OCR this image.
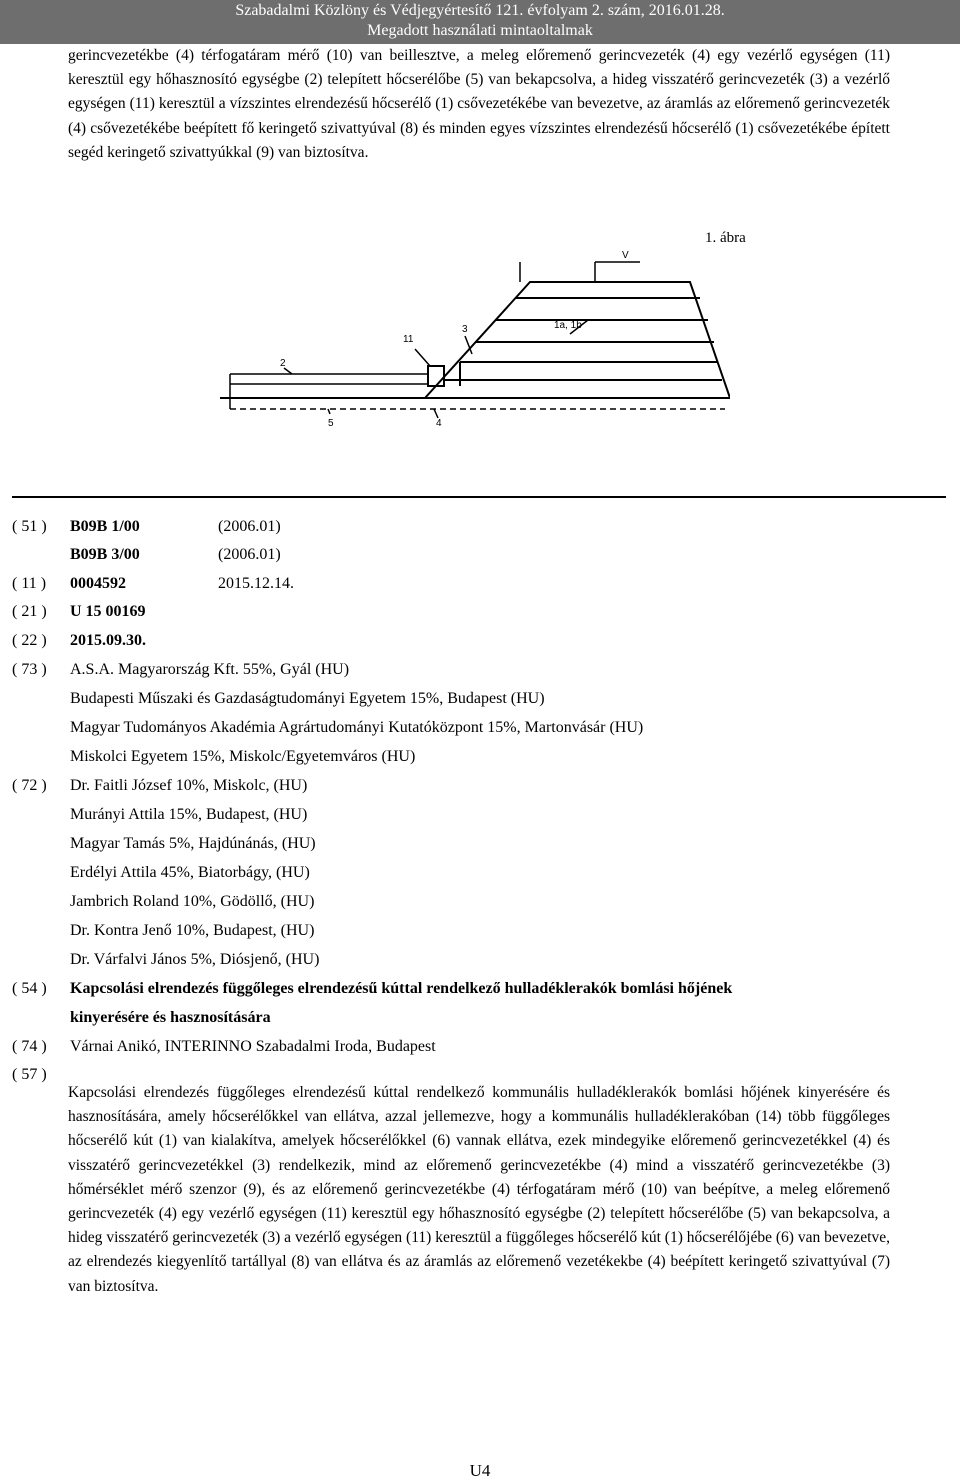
Szabadalmi Közlöny és Védjegyértesítő 121. évfolyam 2. szám, 2016.01.28.
Megadott használati mintaoltalmak
gerincvezetékbe (4) térfogatáram mérő (10) van beillesztve, a meleg előremenő gerincvezeték (4) egy vezérlő egységen (11) keresztül egy hőhasznosító egységbe (2) telepített hőcserélőbe (5) van bekapcsolva, a hideg visszatérő gerincvezeték (3) a vezérlő egységen (11) keresztül a vízszintes elrendezésű hőcserélő (1) csővezetékébe van bevezetve, az áramlás az előremenő gerincvezeték (4) csővezetékébe beépített fő keringető szivattyúval (8) és minden egyes vízszintes elrendezésű hőcserélő (1) csővezetékébe épített segéd keringető szivattyúkkal (9) van biztosítva.
1. ábra
V
11
3	1a, 1b
2
5	4
( 51 ) B09B 1/00	(2006.01)
B09B 3/00	(2006.01)
( 11 ) 0004592	2015.12.14.
( 21 ) U 15 00169
( 22 ) 2015.09.30.
( 73 ) A.S.A. Magyarország Kft. 55%, Gyál (HU)
Budapesti Műszaki és Gazdaságtudományi Egyetem 15%, Budapest (HU)
Magyar Tudományos Akadémia Agrártudományi Kutatóközpont 15%, Martonvásár (HU)
Miskolci Egyetem 15%, Miskolc/Egyetemváros (HU)
( 72 ) Dr. Faitli József 10%, Miskolc, (HU)
Murányi Attila 15%, Budapest, (HU)
Magyar Tamás 5%, Hajdúnánás, (HU)
Erdélyi Attila 45%, Biatorbágy, (HU)
Jambrich Roland 10%, Gödöllő, (HU)
Dr. Kontra Jenő 10%, Budapest, (HU)
Dr. Várfalvi János 5%, Diósjenő, (HU)
( 54 ) Kapcsolási elrendezés függőleges elrendezésű kúttal rendelkező hulladéklerakók bomlási hőjének
kinyerésére és hasznosítására
( 74 ) Várnai Anikó, INTERINNO Szabadalmi Iroda, Budapest
( 57 )
Kapcsolási elrendezés függőleges elrendezésű kúttal rendelkező kommunális hulladéklerakók bomlási hőjének kinyerésére és hasznosítására, amely hőcserélőkkel van ellátva, azzal jellemezve, hogy a kommunális hulladéklerakóban (14) több függőleges hőcserélő kút (1) van kialakítva, amelyek hőcserélőkkel (6) vannak ellátva, ezek mindegyike előremenő gerincvezetékkel (4) és visszatérő gerincvezetékkel (3) rendelkezik, mind az előremenő gerincvezetékbe (4) mind a visszatérő gerincvezetékbe (3) hőmérséklet mérő szenzor (9), és az előremenő gerincvezetékbe (4) térfogatáram mérő (10) van beépítve, a meleg előremenő gerincvezeték (4) egy vezérlő egységen (11) keresztül egy hőhasznosító egységbe (2) telepített hőcserélőbe (5) van bekapcsolva, a hideg visszatérő gerincvezeték (3) a vezérlő egységen (11) keresztül a függőleges hőcserélő kút (1) hőcserélőjébe (6) van bevezetve, az elrendezés kiegyenlítő tartállyal (8) van ellátva és az áramlás az előremenő vezetékekbe (4) beépített keringető szivattyúval (7) van biztosítva.
U4
